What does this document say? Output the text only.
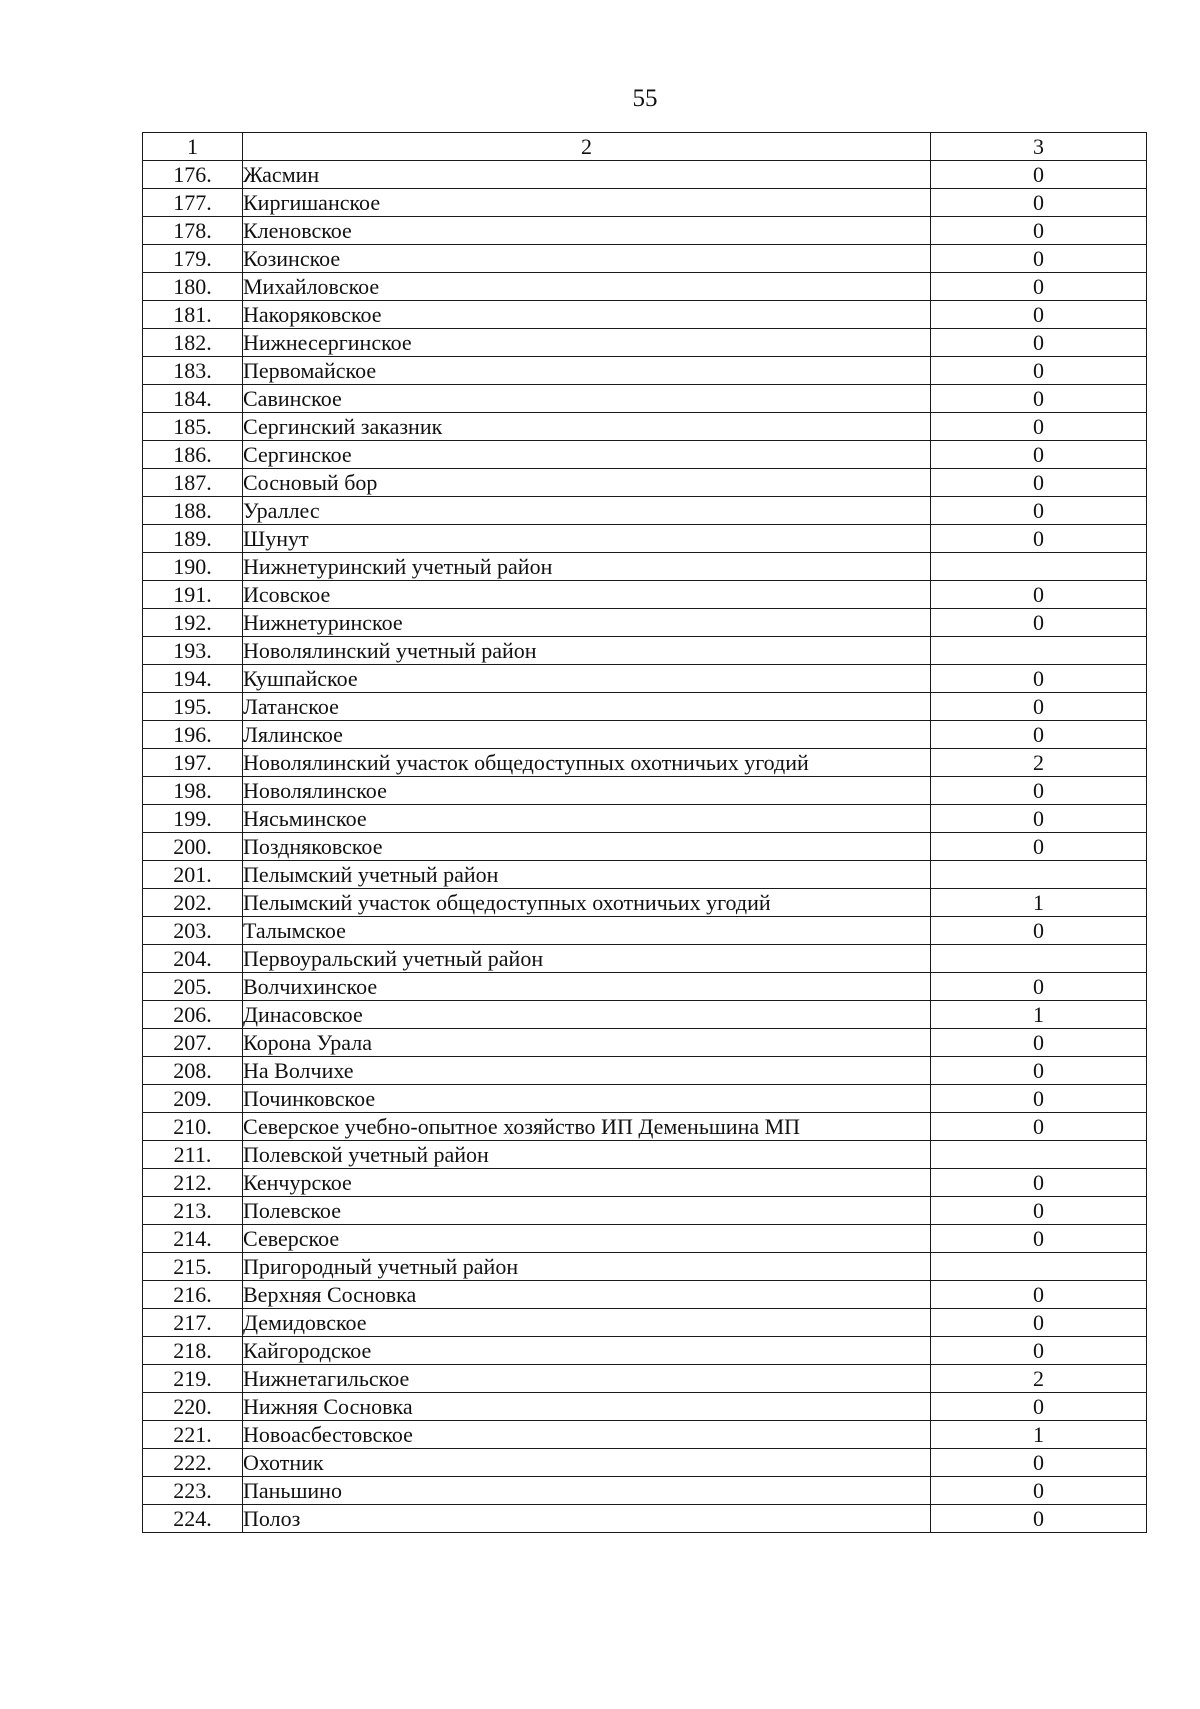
55
1	2	3
176.	Жасмин	0
177.	Киргишанское	0
178.	Кленовское	0
179.	Козинское	0
180.	Михайловское	0
181.	Накоряковское	0
182.	Нижнесергинское	0
183.	Первомайское	0
184.	Савинское	0
185.	Сергинский заказник	0
186.	Сергинское	0
187.	Сосновый бор	0
188.	Ураллес	0
189.	Шунут	0
190.	Нижнетуринский учетный район	
191.	Исовское	0
192.	Нижнетуринское	0
193.	Новолялинский учетный район	
194.	Кушпайское	0
195.	Латанское	0
196.	Лялинское	0
197.	Новолялинский участок общедоступных охотничьих угодий	2
198.	Новолялинское	0
199.	Нясьминское	0
200.	Поздняковское	0
201.	Пелымский учетный район	
202.	Пелымский участок общедоступных охотничьих угодий	1
203.	Талымское	0
204.	Первоуральский учетный район	
205.	Волчихинское	0
206.	Динасовское	1
207.	Корона Урала	0
208.	На Волчихе	0
209.	Починковское	0
210.	Северское учебно-опытное хозяйство ИП Деменьшина МП	0
211.	Полевской учетный район	
212.	Кенчурское	0
213.	Полевское	0
214.	Северское	0
215.	Пригородный учетный район	
216.	Верхняя Сосновка	0
217.	Демидовское	0
218.	Кайгородское	0
219.	Нижнетагильское	2
220.	Нижняя Сосновка	0
221.	Новоасбестовское	1
222.	Охотник	0
223.	Паньшино	0
224.	Полоз	0
